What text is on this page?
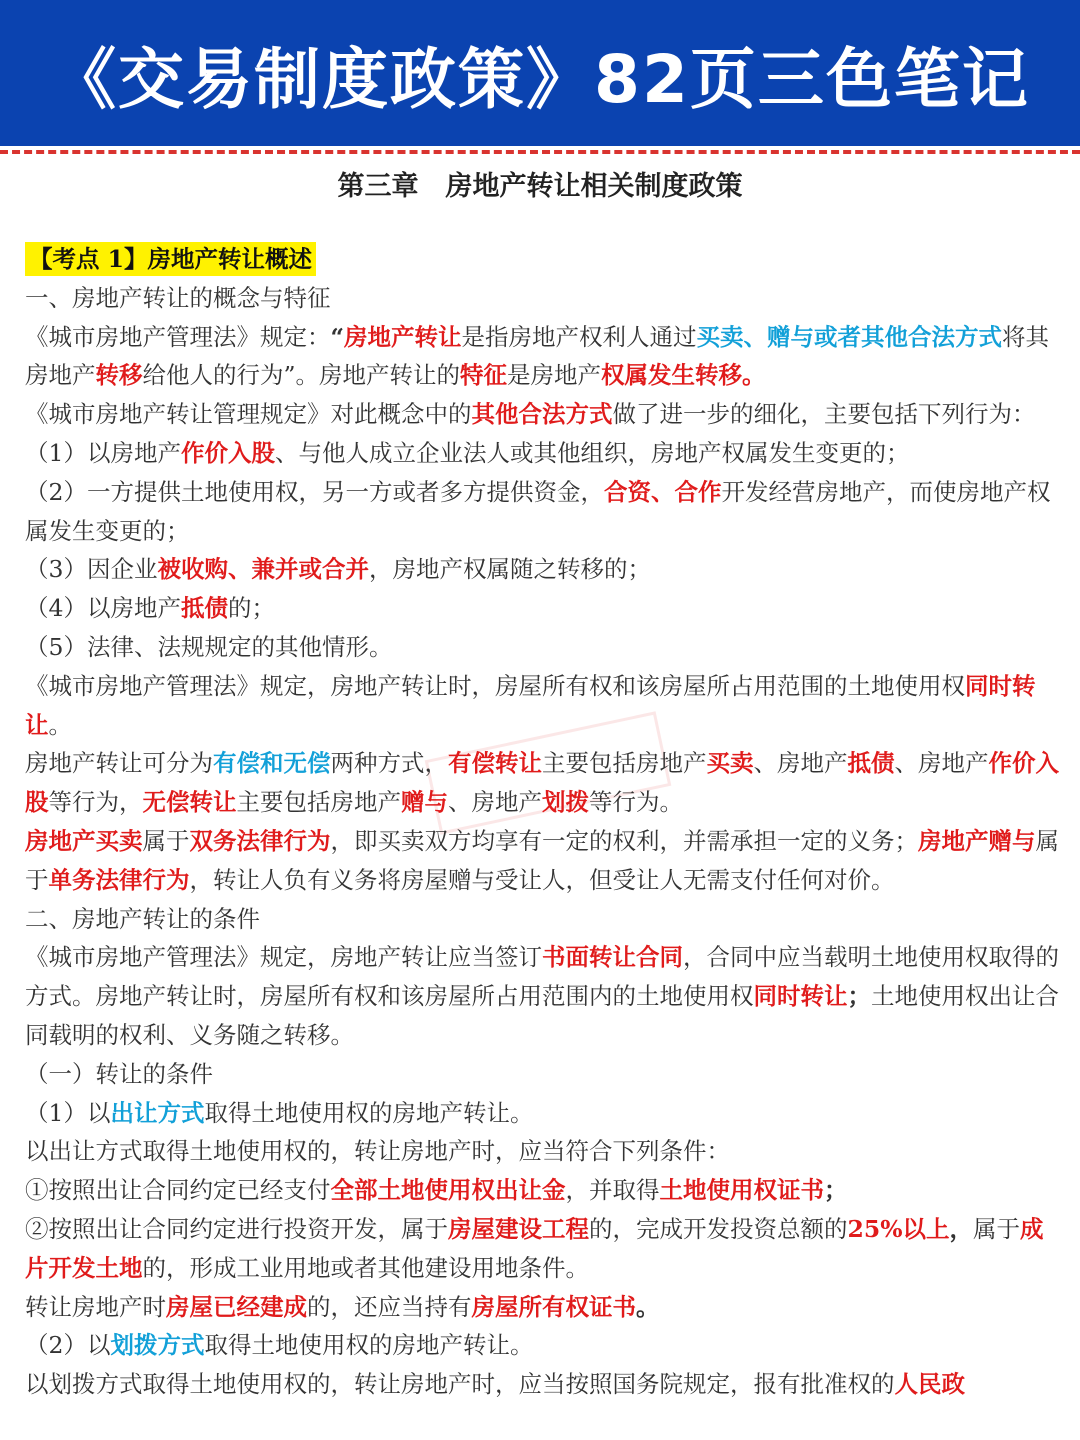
《交易制度政策》82页三色笔记
第三章　房地产转让相关制度政策

【考点 1】房地产转让概述

一、房地产转让的概念与特征

《城市房地产管理法》规定：“房地产转让是指房地产权利人通过买卖、赠与或者其他合法方式将其房地产转移给他人的行为”。房地产转让的特征是房地产权属发生转移。

《城市房地产转让管理规定》对此概念中的其他合法方式做了进一步的细化，主要包括下列行为：

（1）以房地产作价入股、与他人成立企业法人或其他组织，房地产权属发生变更的；

（2）一方提供土地使用权，另一方或者多方提供资金，合资、合作开发经营房地产，而使房地产权属发生变更的；

（3）因企业被收购、兼并或合并，房地产权属随之转移的；

（4）以房地产抵债的；

（5）法律、法规规定的其他情形。

《城市房地产管理法》规定，房地产转让时，房屋所有权和该房屋所占用范围的土地使用权同时转让。

房地产转让可分为有偿和无偿两种方式，有偿转让主要包括房地产买卖、房地产抵债、房地产作价入股等行为，无偿转让主要包括房地产赠与、房地产划拨等行为。

房地产买卖属于双务法律行为，即买卖双方均享有一定的权利，并需承担一定的义务；房地产赠与属于单务法律行为，转让人负有义务将房屋赠与受让人，但受让人无需支付任何对价。

二、房地产转让的条件

《城市房地产管理法》规定，房地产转让应当签订书面转让合同，合同中应当载明土地使用权取得的方式。房地产转让时，房屋所有权和该房屋所占用范围内的土地使用权同时转让；土地使用权出让合同载明的权利、义务随之转移。

（一）转让的条件

（1）以出让方式取得土地使用权的房地产转让。

以出让方式取得土地使用权的，转让房地产时，应当符合下列条件：

①按照出让合同约定已经支付全部土地使用权出让金，并取得土地使用权证书；

②按照出让合同约定进行投资开发，属于房屋建设工程的，完成开发投资总额的25%以上，属于成片开发土地的，形成工业用地或者其他建设用地条件。

转让房地产时房屋已经建成的，还应当持有房屋所有权证书。

（2）以划拨方式取得土地使用权的房地产转让。

以划拨方式取得土地使用权的，转让房地产时，应当按照国务院规定，报有批准权的人民政
